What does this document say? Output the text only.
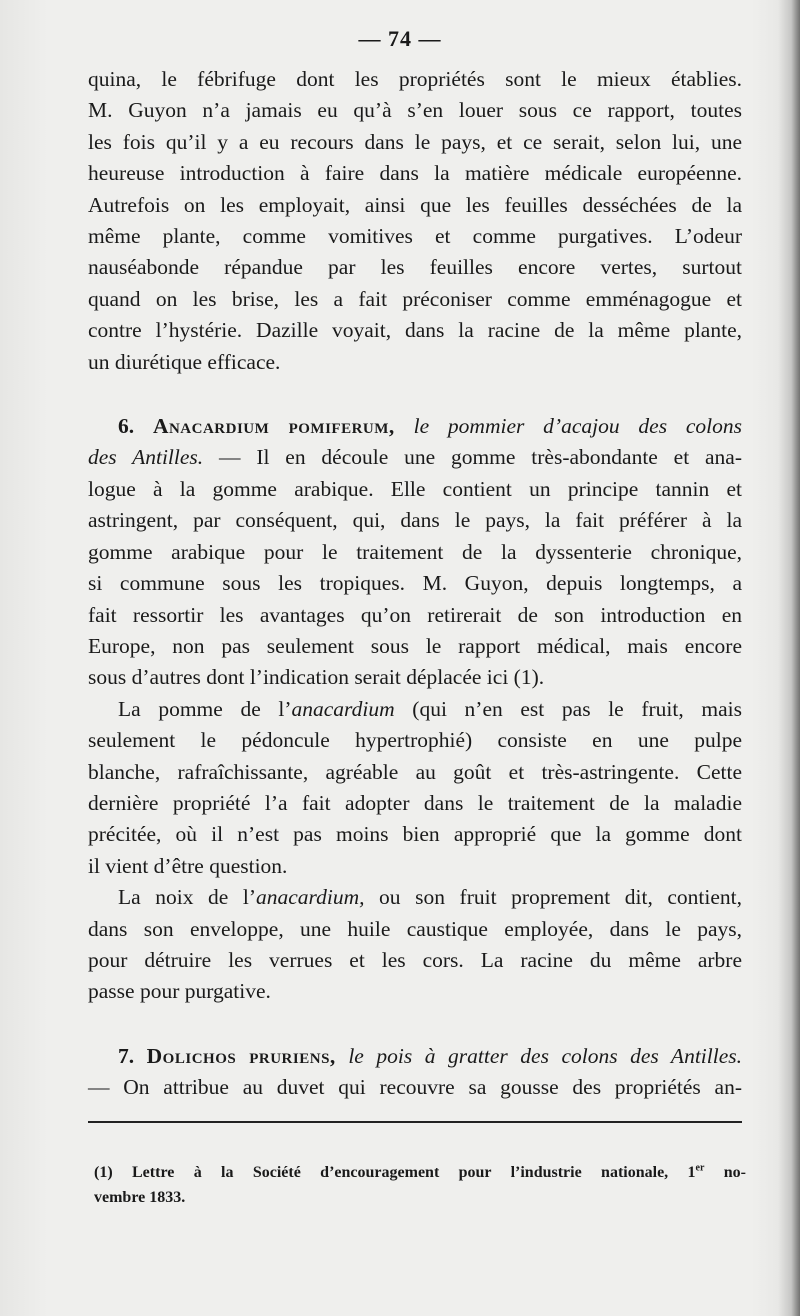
— 74 —
quina, le fébrifuge dont les propriétés sont le mieux établies.
M. Guyon n’a jamais eu qu’à s’en louer sous ce rapport, toutes
les fois qu’il y a eu recours dans le pays, et ce serait, selon lui, une
heureuse introduction à faire dans la matière médicale européenne.
Autrefois on les employait, ainsi que les feuilles desséchées de la
même plante, comme vomitives et comme purgatives. L’odeur
nauséabonde répandue par les feuilles encore vertes, surtout
quand on les brise, les a fait préconiser comme emménagogue et
contre l’hystérie. Dazille voyait, dans la racine de la même plante,
un diurétique efficace.
6. Anacardium pomiferum, le pommier d’acajou des colons
des Antilles. — Il en découle une gomme très-abondante et ana-
logue à la gomme arabique. Elle contient un principe tannin et
astringent, par conséquent, qui, dans le pays, la fait préférer à la
gomme arabique pour le traitement de la dyssenterie chronique,
si commune sous les tropiques. M. Guyon, depuis longtemps, a
fait ressortir les avantages qu’on retirerait de son introduction en
Europe, non pas seulement sous le rapport médical, mais encore
sous d’autres dont l’indication serait déplacée ici (1).
La pomme de l’anacardium (qui n’en est pas le fruit, mais
seulement le pédoncule hypertrophié) consiste en une pulpe
blanche, rafraîchissante, agréable au goût et très-astringente. Cette
dernière propriété l’a fait adopter dans le traitement de la maladie
précitée, où il n’est pas moins bien approprié que la gomme dont
il vient d’être question.
La noix de l’anacardium, ou son fruit proprement dit, contient,
dans son enveloppe, une huile caustique employée, dans le pays,
pour détruire les verrues et les cors. La racine du même arbre
passe pour purgative.
7. Dolichos pruriens, le pois à gratter des colons des Antilles.
— On attribue au duvet qui recouvre sa gousse des propriétés an-
(1) Lettre à la Société d’encouragement pour l’industrie nationale, 1er no-
vembre 1833.
